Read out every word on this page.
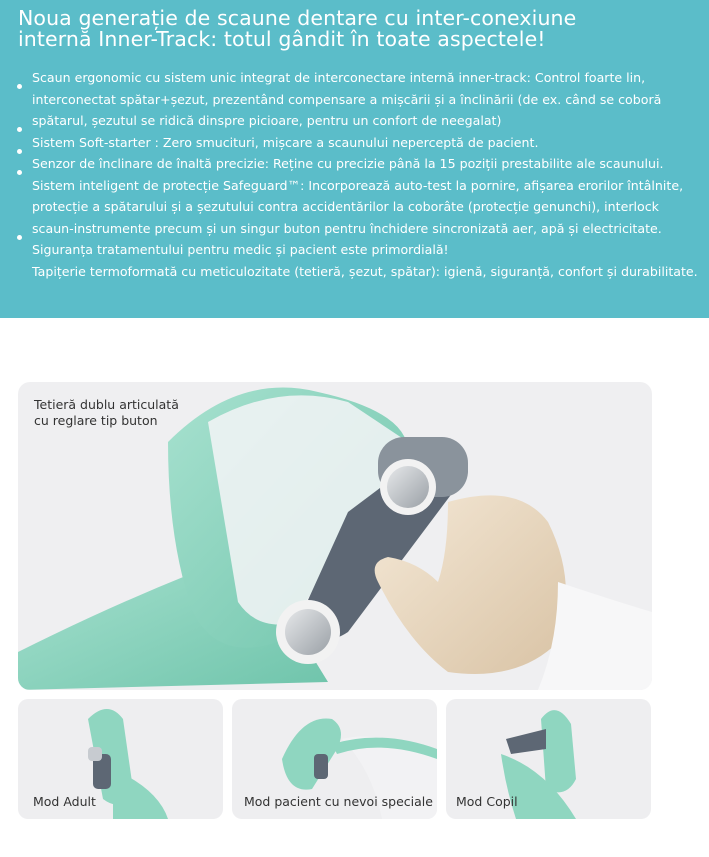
Noua generație de scaune dentare cu inter-conexiune
internă Inner-Track: totul gândit în toate aspectele!
Scaun ergonomic cu sistem unic integrat de interconectare internă inner-track: Control foarte lin,
interconectat spătar+șezut, prezentând compensare a mișcării și a înclinării (de ex. când se coboră
spătarul, șezutul se ridică dinspre picioare, pentru un confort de neegalat)
Sistem Soft-starter : Zero smucituri, mișcare a scaunului neperceptă de pacient.
Senzor de înclinare de înaltă precizie: Reține cu precizie până la 15 poziții prestabilite ale scaunului.
Sistem inteligent de protecție Safeguard™: Incorporează auto-test la pornire, afișarea erorilor întâlnite,
protecție a spătarului și a șezutului contra accidentărilor la coborâte (protecție genunchi), interlock
scaun-instrumente precum și un singur buton pentru închidere sincronizată aer, apă și electricitate.
Siguranța tratamentului pentru medic și pacient este primordială!
Tapițerie termoformată cu meticulozitate (tetieră, șezut, spătar): igienă, siguranță, confort și durabilitate.
Tetieră dublu articulată
cu reglare tip buton
Mod Adult	Mod pacient cu nevoi speciale Mod Copil
